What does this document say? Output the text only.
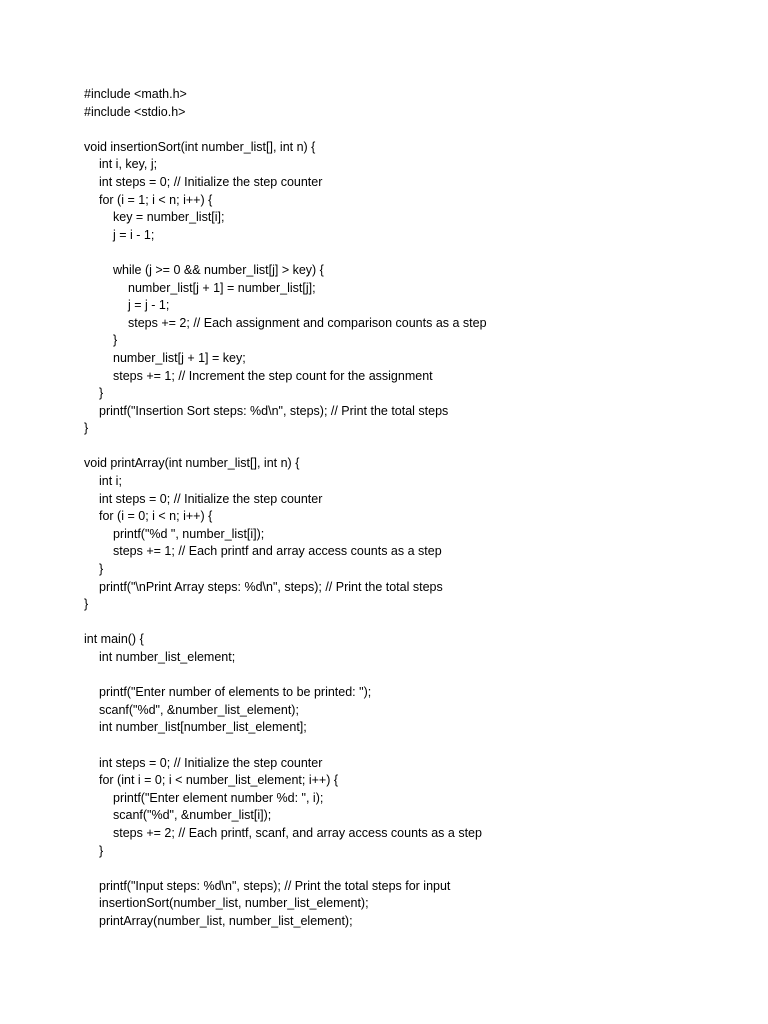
#include <math.h>
#include <stdio.h>
void insertionSort(int number_list[], int n) {
int i, key, j;
int steps = 0; // Initialize the step counter
for (i = 1; i < n; i++) {
key = number_list[i];
j = i - 1;
while (j >= 0 && number_list[j] > key) {
number_list[j + 1] = number_list[j];
j = j - 1;
steps += 2; // Each assignment and comparison counts as a step
}
number_list[j + 1] = key;
steps += 1; // Increment the step count for the assignment
}
printf("Insertion Sort steps: %d\n", steps); // Print the total steps
}
void printArray(int number_list[], int n) {
int i;
int steps = 0; // Initialize the step counter
for (i = 0; i < n; i++) {
printf("%d ", number_list[i]);
steps += 1; // Each printf and array access counts as a step
}
printf("\nPrint Array steps: %d\n", steps); // Print the total steps
}
int main() {
int number_list_element;
printf("Enter number of elements to be printed: ");
scanf("%d", &number_list_element);
int number_list[number_list_element];
int steps = 0; // Initialize the step counter
for (int i = 0; i < number_list_element; i++) {
printf("Enter element number %d: ", i);
scanf("%d", &number_list[i]);
steps += 2; // Each printf, scanf, and array access counts as a step
}
printf("Input steps: %d\n", steps); // Print the total steps for input
insertionSort(number_list, number_list_element);
printArray(number_list, number_list_element);
